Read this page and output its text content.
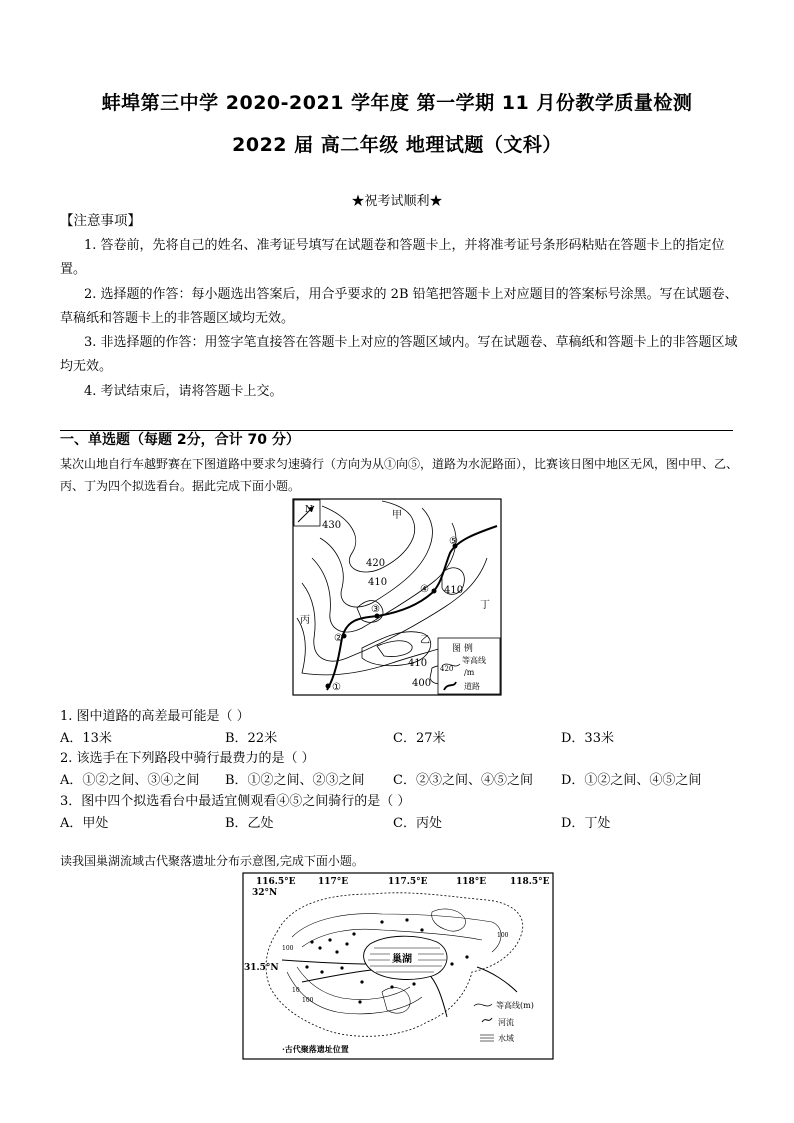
蚌埠第三中学 2020-2021 学年度 第一学期 11 月份教学质量检测
2022 届 高二年级 地理试题（文科）
★祝考试顺利★
【注意事项】
1. 答卷前，先将自己的姓名、准考证号填写在试题卷和答题卡上，并将准考证号条形码粘贴在答题卡上的指定位置。
2. 选择题的作答：每小题选出答案后，用合乎要求的 2B 铅笔把答题卡上对应题目的答案标号涂黑。写在试题卷、草稿纸和答题卡上的非答题区域均无效。
3. 非选择题的作答：用签字笔直接答在答题卡上对应的答题区域内。写在试题卷、草稿纸和答题卡上的非答题区域均无效。
4. 考试结束后，请将答题卡上交。
一、单选题（每题 2分，合计 70 分）
某次山地自行车越野赛在下图道路中要求匀速骑行（方向为从①向⑤，道路为水泥路面），比赛该日图中地区无风，图中甲、乙、丙、丁为四个拟选看台。据此完成下面小题。
N
①
②
③
④
⑤
430
420
410
410
410
400
甲
乙
丙
丁
图 例
420
等高线
/m
道路
1. 图中道路的高差最可能是（ ）
A．13米	B．22米	C．27米	D．33米
2. 该选手在下列路段中骑行最费力的是（ ）
A．①②之间、③④之间 B．①②之间、②③之间 C．②③之间、④⑤之间 D．①②之间、④⑤之间
3．图中四个拟选看台中最适宜侧观看④⑤之间骑行的是（ ）
A．甲处	B．乙处	C．丙处	D．丁处
读我国巢湖流域古代聚落遗址分布示意图,完成下面小题。
116.5°E 117°E	117.5°E	118°E	118.5°E
32°N
31.5°N
巢湖
100
100
10
100
等高线(m)
河流
水域
·古代聚落遗址位置
